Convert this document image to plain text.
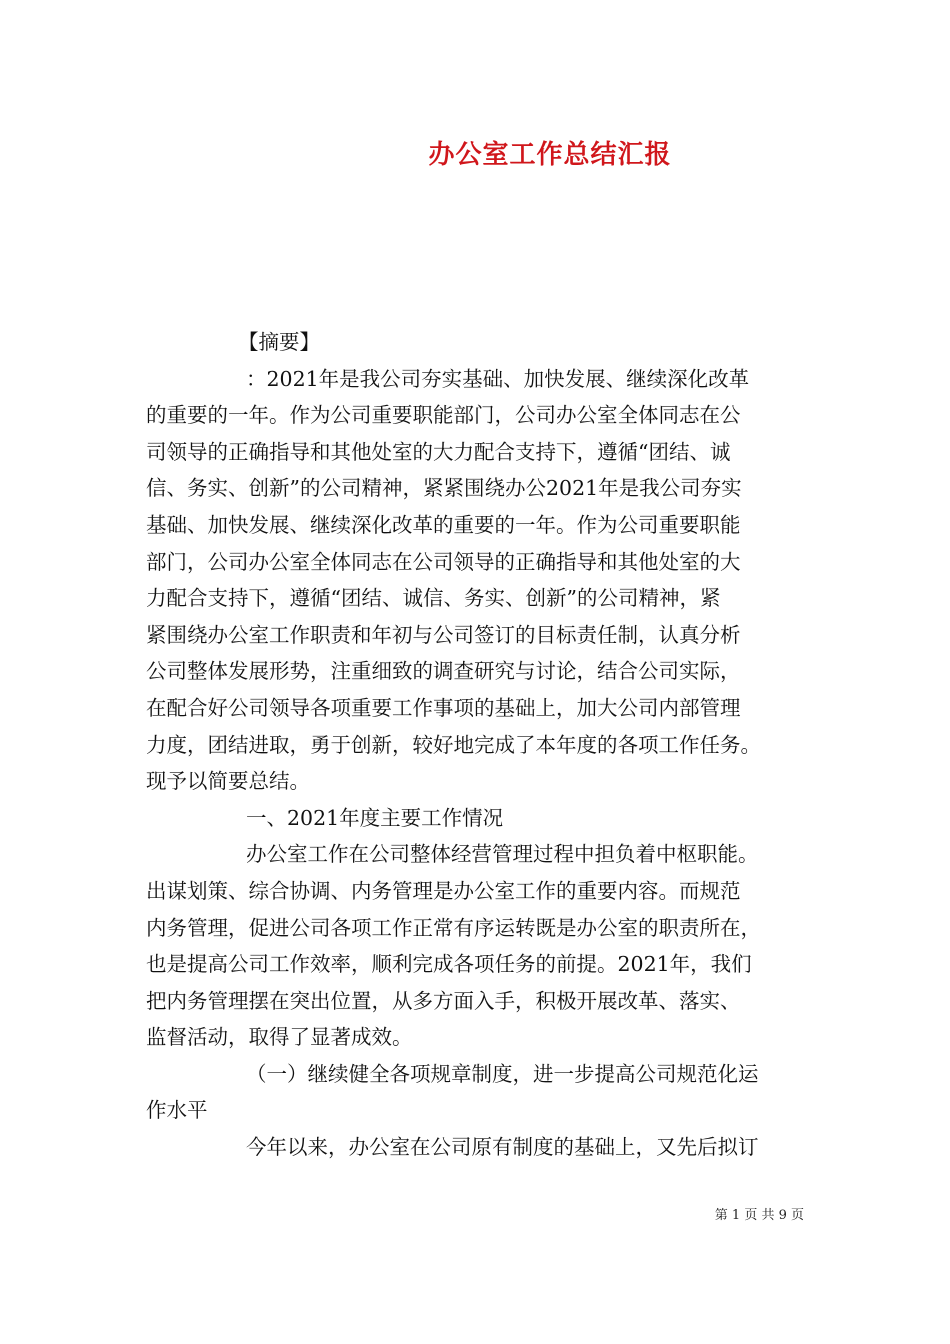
办公室工作总结汇报
【摘要】
：2021年是我公司夯实基础、加快发展、继续深化改革
的重要的一年。作为公司重要职能部门，公司办公室全体同志在公
司领导的正确指导和其他处室的大力配合支持下，遵循“团结、诚
信、务实、创新”的公司精神，紧紧围绕办公2021年是我公司夯实
基础、加快发展、继续深化改革的重要的一年。作为公司重要职能
部门，公司办公室全体同志在公司领导的正确指导和其他处室的大
力配合支持下，遵循“团结、诚信、务实、创新”的公司精神，紧
紧围绕办公室工作职责和年初与公司签订的目标责任制，认真分析
公司整体发展形势，注重细致的调查研究与讨论，结合公司实际，
在配合好公司领导各项重要工作事项的基础上，加大公司内部管理
力度，团结进取，勇于创新，较好地完成了本年度的各项工作任务。
现予以简要总结。
一、2021年度主要工作情况
办公室工作在公司整体经营管理过程中担负着中枢职能。
出谋划策、综合协调、内务管理是办公室工作的重要内容。而规范
内务管理，促进公司各项工作正常有序运转既是办公室的职责所在，
也是提高公司工作效率，顺利完成各项任务的前提。2021年，我们
把内务管理摆在突出位置，从多方面入手，积极开展改革、落实、
监督活动，取得了显著成效。
（一）继续健全各项规章制度，进一步提高公司规范化运
作水平
今年以来，办公室在公司原有制度的基础上，又先后拟订
第 1 页 共 9 页
